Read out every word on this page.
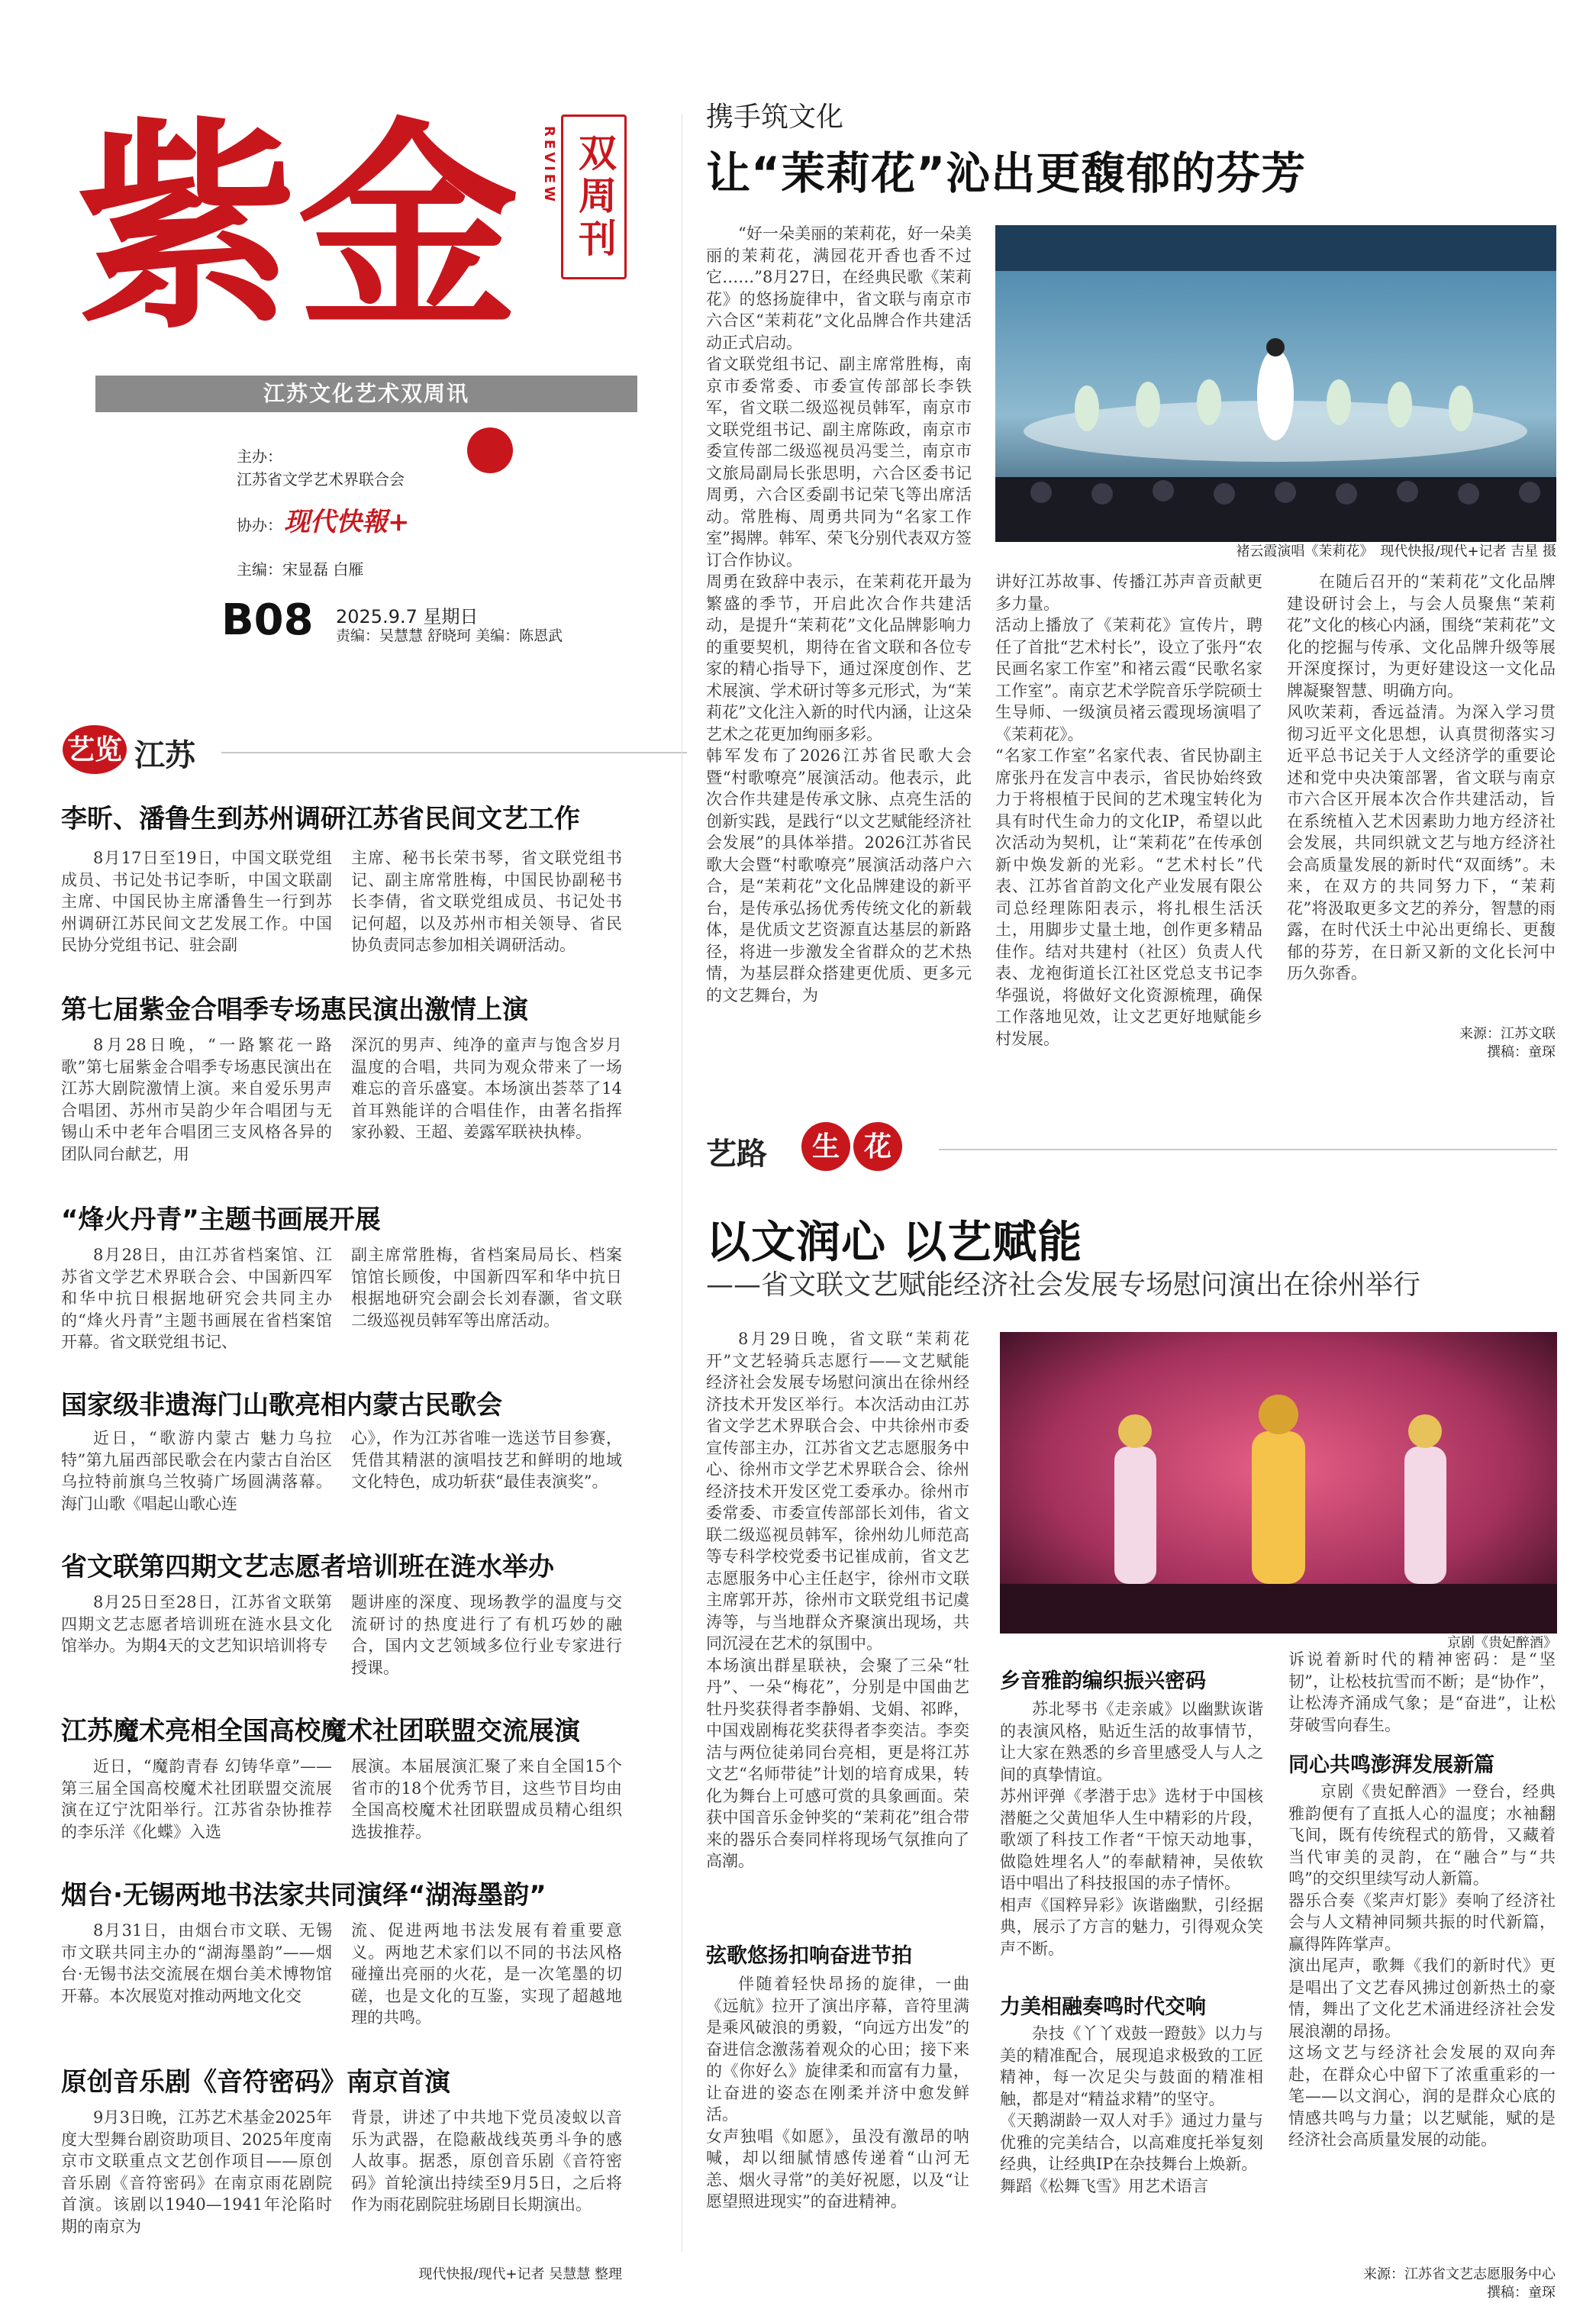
紫金	REVIEW 双周刊
江苏文化艺术双周讯
主办：
江苏省文学艺术界联合会
协办： 现代快報+
主编：宋显磊 白雁
B08 2025.9.7 星期日
责编：吴慧慧 舒晓珂 美编：陈恩武
艺览 江苏
李昕、潘鲁生到苏州调研江苏省民间文艺工作

8月17日至19日，中国文联党组成员、书记处书记李昕，中国文联副主席、中国民协主席潘鲁生一行到苏州调研江苏民间文艺发展工作。中国民协分党组书记、驻会副

主席、秘书长荣书琴，省文联党组书记、副主席常胜梅，中国民协副秘书长李倩，省文联党组成员、书记处书记何超，以及苏州市相关领导、省民协负责同志参加相关调研活动。

第七届紫金合唱季专场惠民演出激情上演

8月28日晚，“一路繁花一路歌”第七届紫金合唱季专场惠民演出在江苏大剧院激情上演。来自爱乐男声合唱团、苏州市吴韵少年合唱团与无锡山禾中老年合唱团三支风格各异的团队同台献艺，用

深沉的男声、纯净的童声与饱含岁月温度的合唱，共同为观众带来了一场难忘的音乐盛宴。本场演出荟萃了14首耳熟能详的合唱佳作，由著名指挥家孙毅、王超、姜露军联袂执棒。

“烽火丹青”主题书画展开展

8月28日，由江苏省档案馆、江苏省文学艺术界联合会、中国新四军和华中抗日根据地研究会共同主办的“烽火丹青”主题书画展在省档案馆开幕。省文联党组书记、

副主席常胜梅，省档案局局长、档案馆馆长顾俊，中国新四军和华中抗日根据地研究会副会长刘春灏，省文联二级巡视员韩军等出席活动。

国家级非遗海门山歌亮相内蒙古民歌会

近日，“歌游内蒙古 魅力乌拉特”第九届西部民歌会在内蒙古自治区乌拉特前旗乌兰牧骑广场圆满落幕。海门山歌《唱起山歌心连

心》，作为江苏省唯一选送节目参赛，凭借其精湛的演唱技艺和鲜明的地域文化特色，成功斩获“最佳表演奖”。

省文联第四期文艺志愿者培训班在涟水举办

8月25日至28日，江苏省文联第四期文艺志愿者培训班在涟水县文化馆举办。为期4天的文艺知识培训将专

题讲座的深度、现场教学的温度与交流研讨的热度进行了有机巧妙的融合，国内文艺领域多位行业专家进行授课。

江苏魔术亮相全国高校魔术社团联盟交流展演

近日，“魔韵青春 幻铸华章”——第三届全国高校魔术社团联盟交流展演在辽宁沈阳举行。江苏省杂协推荐的李乐洋《化蝶》入选

展演。本届展演汇聚了来自全国15个省市的18个优秀节目，这些节目均由全国高校魔术社团联盟成员精心组织选拔推荐。

烟台·无锡两地书法家共同演绎“湖海墨韵”

8月31日，由烟台市文联、无锡市文联共同主办的“湖海墨韵”——烟台·无锡书法交流展在烟台美术博物馆开幕。本次展览对推动两地文化交

流、促进两地书法发展有着重要意义。两地艺术家们以不同的书法风格碰撞出亮丽的火花，是一次笔墨的切磋，也是文化的互鉴，实现了超越地理的共鸣。

原创音乐剧《音符密码》南京首演

9月3日晚，江苏艺术基金2025年度大型舞台剧资助项目、2025年度南京市文联重点文艺创作项目——原创音乐剧《音符密码》在南京雨花剧院首演。该剧以1940—1941年沦陷时期的南京为

背景，讲述了中共地下党员凌蚁以音乐为武器，在隐蔽战线英勇斗争的感人故事。据悉，原创音乐剧《音符密码》首轮演出持续至9月5日，之后将作为雨花剧院驻场剧目长期演出。

现代快报/现代+记者 吴慧慧 整理
携手筑文化
让“茉莉花”沁出更馥郁的芬芳

“好一朵美丽的茉莉花，好一朵美丽的茉莉花，满园花开香也香不过它……”8月27日，在经典民歌《茉莉花》的悠扬旋律中，省文联与南京市六合区“茉莉花”文化品牌合作共建活动正式启动。
省文联党组书记、副主席常胜梅，南京市委常委、市委宣传部部长李铁军，省文联二级巡视员韩军，南京市文联党组书记、副主席陈政，南京市委宣传部二级巡视员冯雯兰，南京市文旅局副局长张思明，六合区委书记周勇，六合区委副书记荣飞等出席活动。常胜梅、周勇共同为“名家工作室”揭牌。韩军、荣飞分别代表双方签订合作协议。
周勇在致辞中表示，在茉莉花开最为繁盛的季节，开启此次合作共建活动，是提升“茉莉花”文化品牌影响力的重要契机，期待在省文联和各位专家的精心指导下，通过深度创作、艺术展演、学术研讨等多元形式，为“茉莉花”文化注入新的时代内涵，让这朵艺术之花更加绚丽多彩。
韩军发布了2026江苏省民歌大会暨“村歌嘹亮”展演活动。他表示，此次合作共建是传承文脉、点亮生活的创新实践，是践行“以文艺赋能经济社会发展”的具体举措。2026江苏省民歌大会暨“村歌嘹亮”展演活动落户六合，是“茉莉花”文化品牌建设的新平台，是传承弘扬优秀传统文化的新载体，是优质文艺资源直达基层的新路径，将进一步激发全省群众的艺术热情，为基层群众搭建更优质、更多元的文艺舞台，为

褚云霞演唱《茉莉花》　现代快报/现代+记者 吉星 摄

讲好江苏故事、传播江苏声音贡献更多力量。
活动上播放了《茉莉花》宣传片，聘任了首批“艺术村长”，设立了张丹“农民画名家工作室”和褚云霞“民歌名家工作室”。南京艺术学院音乐学院硕士生导师、一级演员褚云霞现场演唱了《茉莉花》。
“名家工作室”名家代表、省民协副主席张丹在发言中表示，省民协始终致力于将根植于民间的艺术瑰宝转化为具有时代生命力的文化IP，希望以此次活动为契机，让“茉莉花”在传承创新中焕发新的光彩。“艺术村长”代表、江苏省首韵文化产业发展有限公司总经理陈阳表示，将扎根生活沃土，用脚步丈量土地，创作更多精品佳作。结对共建村（社区）负责人代表、龙袍街道长江社区党总支书记李华强说，将做好文化资源梳理，确保工作落地见效，让文艺更好地赋能乡村发展。

在随后召开的“茉莉花”文化品牌建设研讨会上，与会人员聚焦“茉莉花”文化的核心内涵，围绕“茉莉花”文化的挖掘与传承、文化品牌升级等展开深度探讨，为更好建设这一文化品牌凝聚智慧、明确方向。
风吹茉莉，香远益清。为深入学习贯彻习近平文化思想，认真贯彻落实习近平总书记关于人文经济学的重要论述和党中央决策部署，省文联与南京市六合区开展本次合作共建活动，旨在系统植入艺术因素助力地方经济社会发展，共同织就文艺与地方经济社会高质量发展的新时代“双面绣”。未来，在双方的共同努力下，“茉莉花”将汲取更多文艺的养分，智慧的雨露，在时代沃土中沁出更绵长、更馥郁的芬芳，在日新又新的文化长河中历久弥香。

来源：江苏文联
撰稿：童琛
艺路	生 花
以文润心 以艺赋能
——省文联文艺赋能经济社会发展专场慰问演出在徐州举行

8月29日晚，省文联“茉莉花开”文艺轻骑兵志愿行——文艺赋能经济社会发展专场慰问演出在徐州经济技术开发区举行。本次活动由江苏省文学艺术界联合会、中共徐州市委宣传部主办，江苏省文艺志愿服务中心、徐州市文学艺术界联合会、徐州经济技术开发区党工委承办。徐州市委常委、市委宣传部部长刘伟，省文联二级巡视员韩军，徐州幼儿师范高等专科学校党委书记崔成前，省文艺志愿服务中心主任赵宇，徐州市文联主席郭开苏，徐州市文联党组书记虞涛等，与当地群众齐聚演出现场，共同沉浸在艺术的氛围中。
本场演出群星联袂，会聚了三朵“牡丹”、一朵“梅花”，分别是中国曲艺牡丹奖获得者李静娟、戈娟、祁晔，中国戏剧梅花奖获得者李奕洁。李奕洁与两位徒弟同台亮相，更是将江苏文艺“名师带徒”计划的培育成果，转化为舞台上可感可赏的具象画面。荣获中国音乐金钟奖的“茉莉花”组合带来的器乐合奏同样将现场气氛推向了高潮。

弦歌悠扬扣响奋进节拍

伴随着轻快昂扬的旋律，一曲《远航》拉开了演出序幕，音符里满是乘风破浪的勇毅，“向远方出发”的奋进信念激荡着观众的心田；接下来的《你好么》旋律柔和而富有力量，让奋进的姿态在刚柔并济中愈发鲜活。
女声独唱《如愿》，虽没有激昂的呐喊，却以细腻情感传递着“山河无恙、烟火寻常”的美好祝愿，以及“让愿望照进现实”的奋进精神。

京剧《贵妃醉酒》
乡音雅韵编织振兴密码

苏北琴书《走亲戚》以幽默诙谐的表演风格，贴近生活的故事情节，让大家在熟悉的乡音里感受人与人之间的真挚情谊。
苏州评弹《孝潜于忠》选材于中国核潜艇之父黄旭华人生中精彩的片段，歌颂了科技工作者“干惊天动地事，做隐姓埋名人”的奉献精神，吴侬软语中唱出了科技报国的赤子情怀。
相声《国粹异彩》诙谐幽默，引经据典，展示了方言的魅力，引得观众笑声不断。

力美相融奏鸣时代交响

杂技《丫丫戏鼓一蹬鼓》以力与美的精准配合，展现追求极致的工匠精神，每一次足尖与鼓面的精准相触，都是对“精益求精”的坚守。
《天鹅湖龄一双人对手》通过力量与优雅的完美结合，以高难度托举复刻经典，让经典IP在杂技舞台上焕新。
舞蹈《松舞飞雪》用艺术语言

诉说着新时代的精神密码：是“坚韧”，让松枝抗雪而不断；是“协作”，让松涛齐涌成气象；是“奋进”，让松芽破雪向春生。

同心共鸣澎湃发展新篇

京剧《贵妃醉酒》一登台，经典雅韵便有了直抵人心的温度；水袖翻飞间，既有传统程式的筋骨，又藏着当代审美的灵韵，在“融合”与“共鸣”的交织里续写动人新篇。
器乐合奏《桨声灯影》奏响了经济社会与人文精神同频共振的时代新篇，赢得阵阵掌声。
演出尾声，歌舞《我们的新时代》更是唱出了文艺春风拂过创新热土的豪情，舞出了文化艺术涌进经济社会发展浪潮的昂扬。
这场文艺与经济社会发展的双向奔赴，在群众心中留下了浓重重彩的一笔——以文润心，润的是群众心底的情感共鸣与力量；以艺赋能，赋的是经济社会高质量发展的动能。

来源：江苏省文艺志愿服务中心
撰稿：童琛
